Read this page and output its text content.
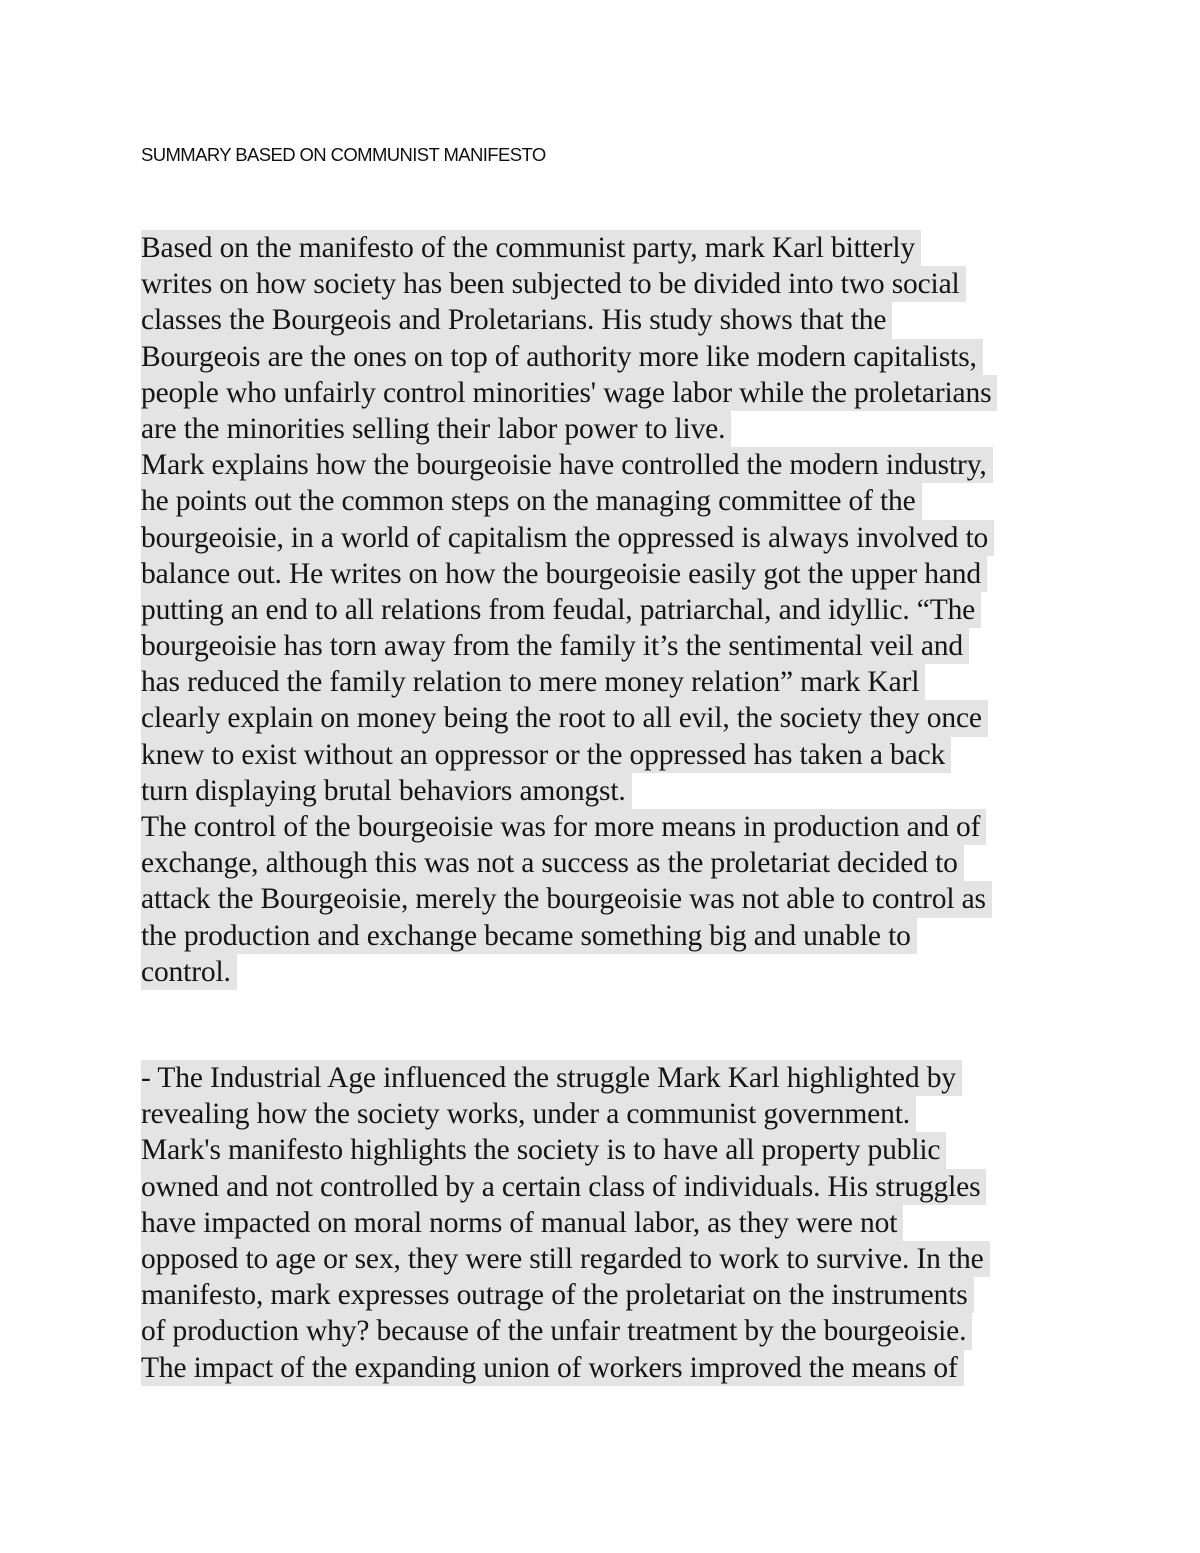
SUMMARY BASED ON COMMUNIST MANIFESTO
Based on the manifesto of the communist party, mark Karl bitterly
writes on how society has been subjected to be divided into two social
classes the Bourgeois and Proletarians. His study shows that the
Bourgeois are the ones on top of authority more like modern capitalists,
people who unfairly control minorities' wage labor while the proletarians
are the minorities selling their labor power to live.
Mark explains how the bourgeoisie have controlled the modern industry,
he points out the common steps on the managing committee of the
bourgeoisie, in a world of capitalism the oppressed is always involved to
balance out. He writes on how the bourgeoisie easily got the upper hand
putting an end to all relations from feudal, patriarchal, and idyllic. “The
bourgeoisie has torn away from the family it’s the sentimental veil and
has reduced the family relation to mere money relation” mark Karl
clearly explain on money being the root to all evil, the society they once
knew to exist without an oppressor or the oppressed has taken a back
turn displaying brutal behaviors amongst.
The control of the bourgeoisie was for more means in production and of
exchange, although this was not a success as the proletariat decided to
attack the Bourgeoisie, merely the bourgeoisie was not able to control as
the production and exchange became something big and unable to
control.
- The Industrial Age influenced the struggle Mark Karl highlighted by
revealing how the society works, under a communist government.
Mark's manifesto highlights the society is to have all property public
owned and not controlled by a certain class of individuals. His struggles
have impacted on moral norms of manual labor, as they were not
opposed to age or sex, they were still regarded to work to survive. In the
manifesto, mark expresses outrage of the proletariat on the instruments
of production why? because of the unfair treatment by the bourgeoisie.
The impact of the expanding union of workers improved the means of
